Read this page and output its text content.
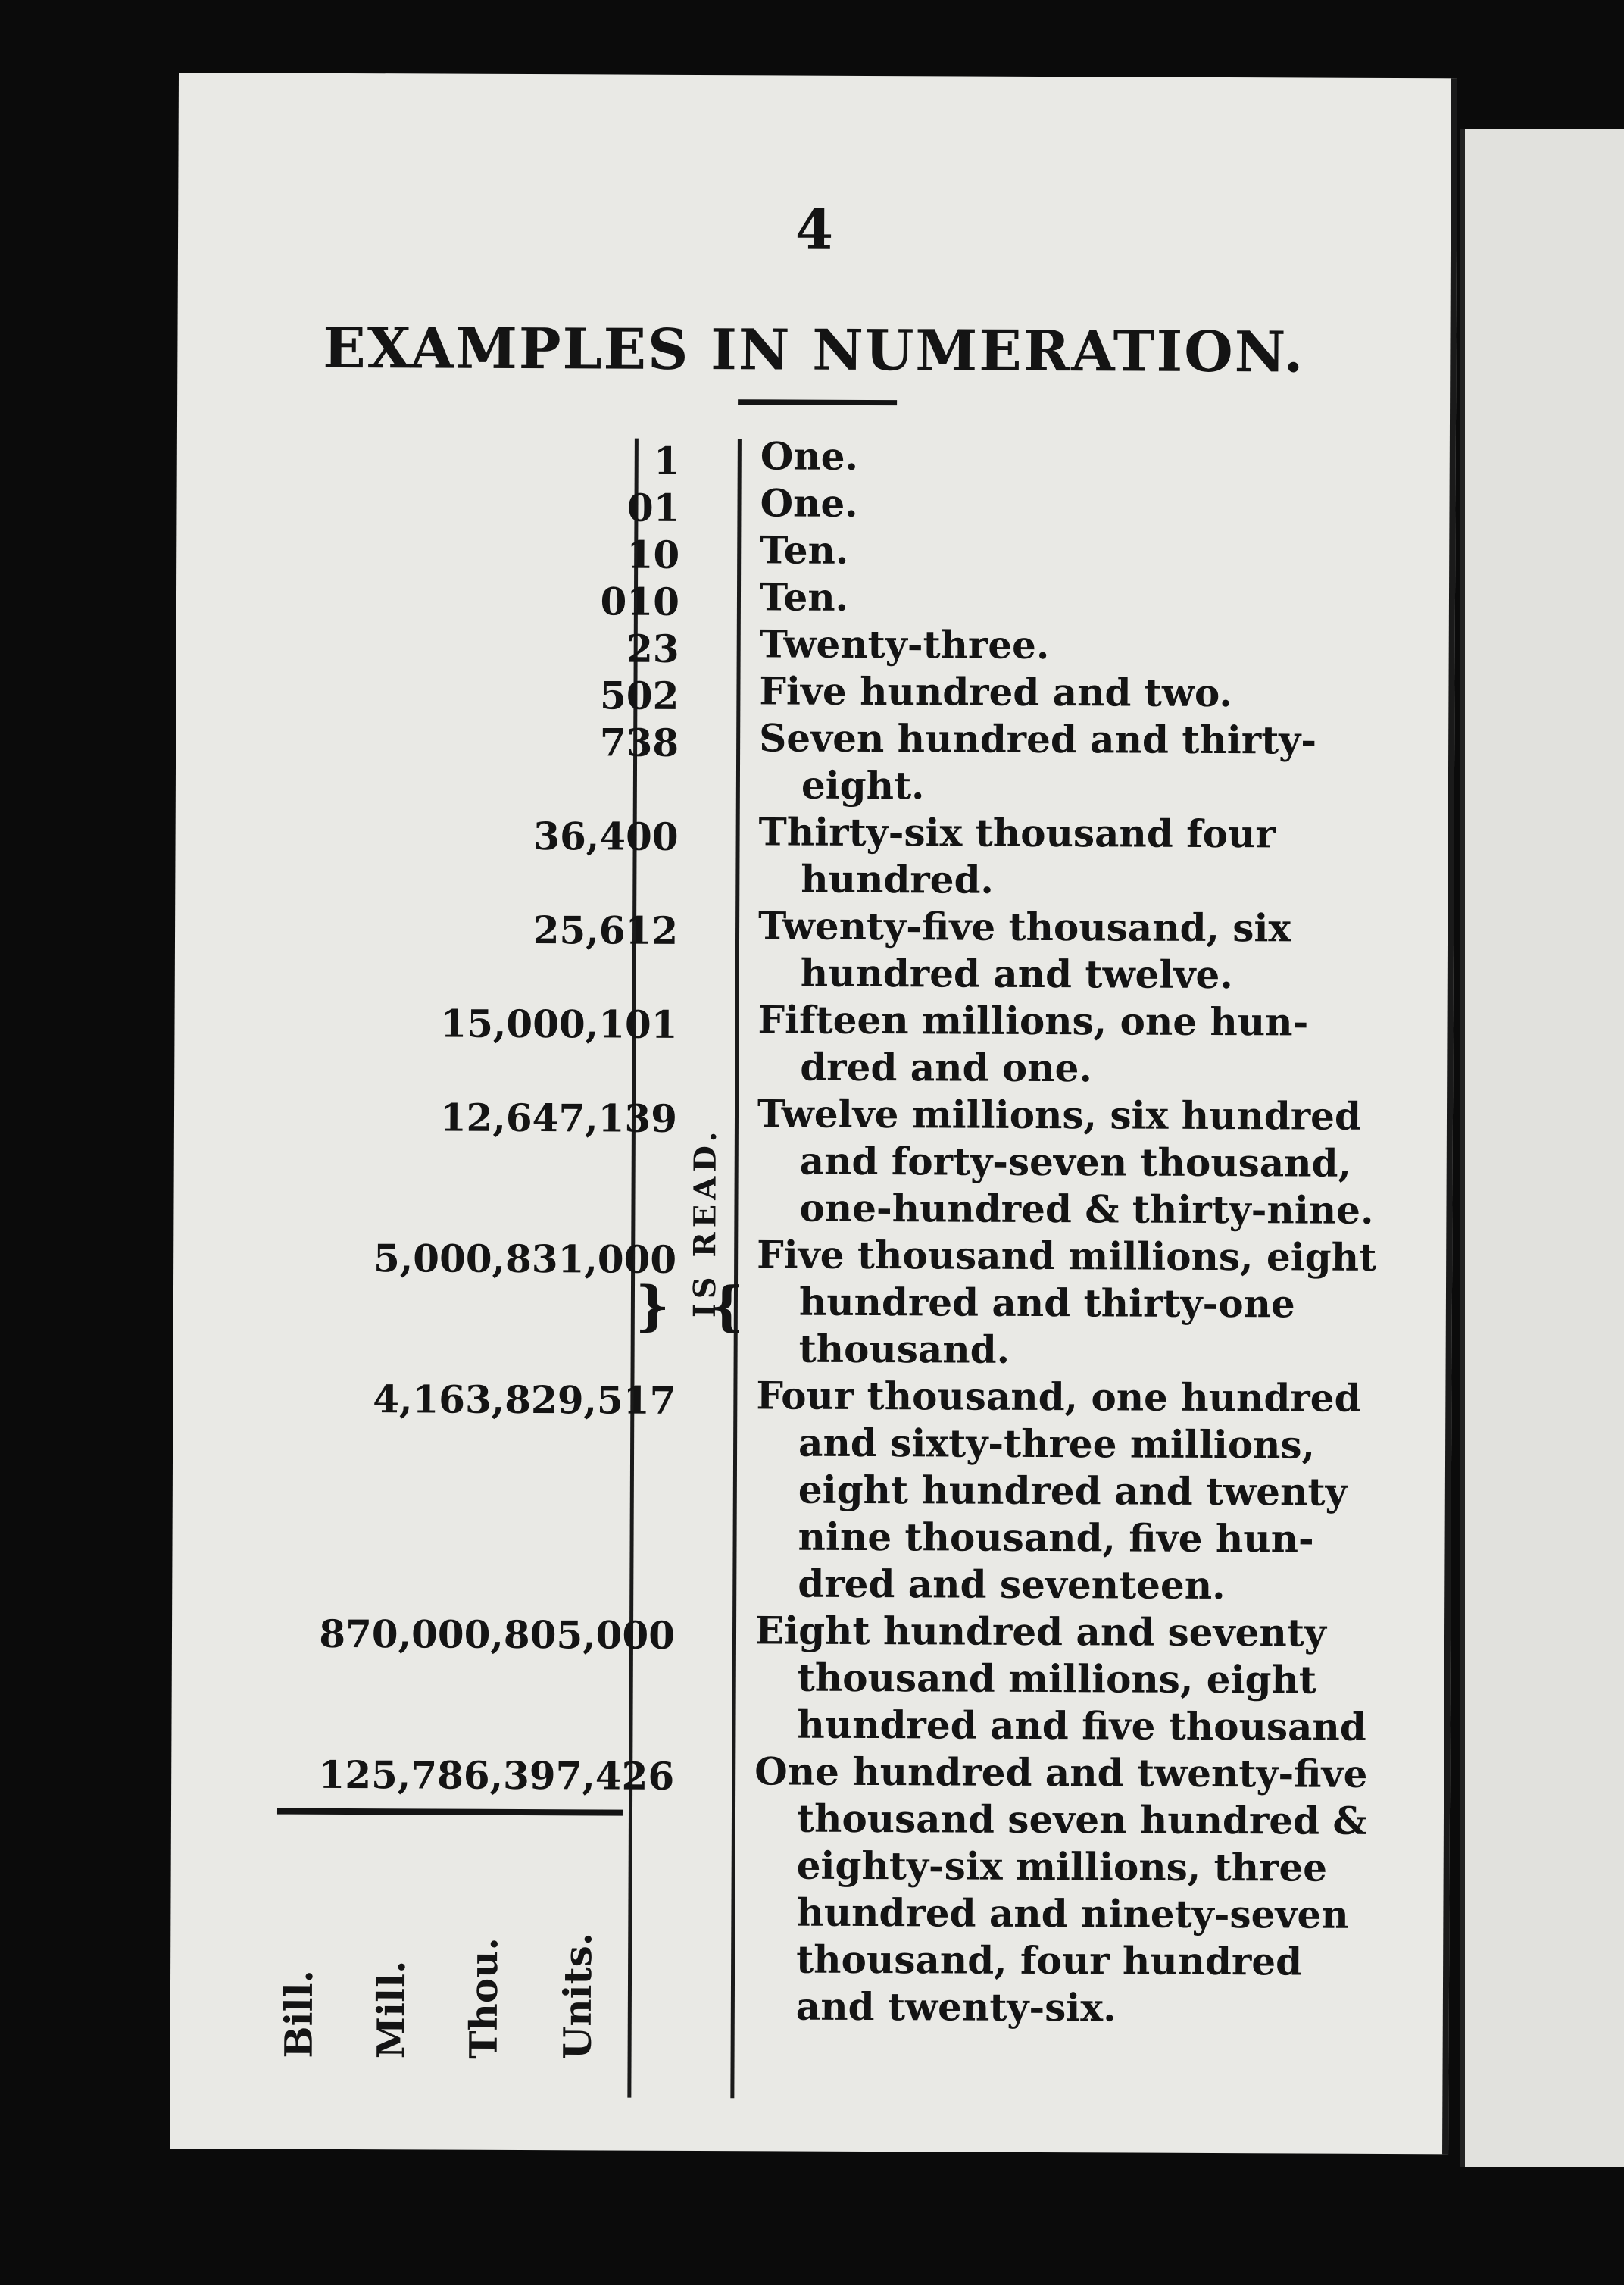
4
EXAMPLES IN NUMERATION.
} {
IS READ.
1 One.
01 One.
10 Ten.
010 Ten.
23 Twenty-three.
502 Five hundred and two.
738 Seven hundred and thirty-
eight.
36,400 Thirty-six thousand four
hundred.
25,612 Twenty-five thousand, six
hundred and twelve.
15,000,101 Fifteen millions, one hun-
dred and one.
12,647,139 Twelve millions, six hundred
and forty-seven thousand,
one-hundred & thirty-nine.
5,000,831,000 Five thousand millions, eight
hundred and thirty-one
thousand.
4,163,829,517 Four thousand, one hundred
and sixty-three millions,
eight hundred and twenty
nine thousand, five hun-
dred and seventeen.
870,000,805,000 Eight hundred and seventy
thousand millions, eight
hundred and five thousand
125,786,397,426 One hundred and twenty-five
thousand seven hundred &
eighty-six millions, three
hundred and ninety-seven
thousand, four hundred
and twenty-six.
Bill. Mill. Thou. Units.
